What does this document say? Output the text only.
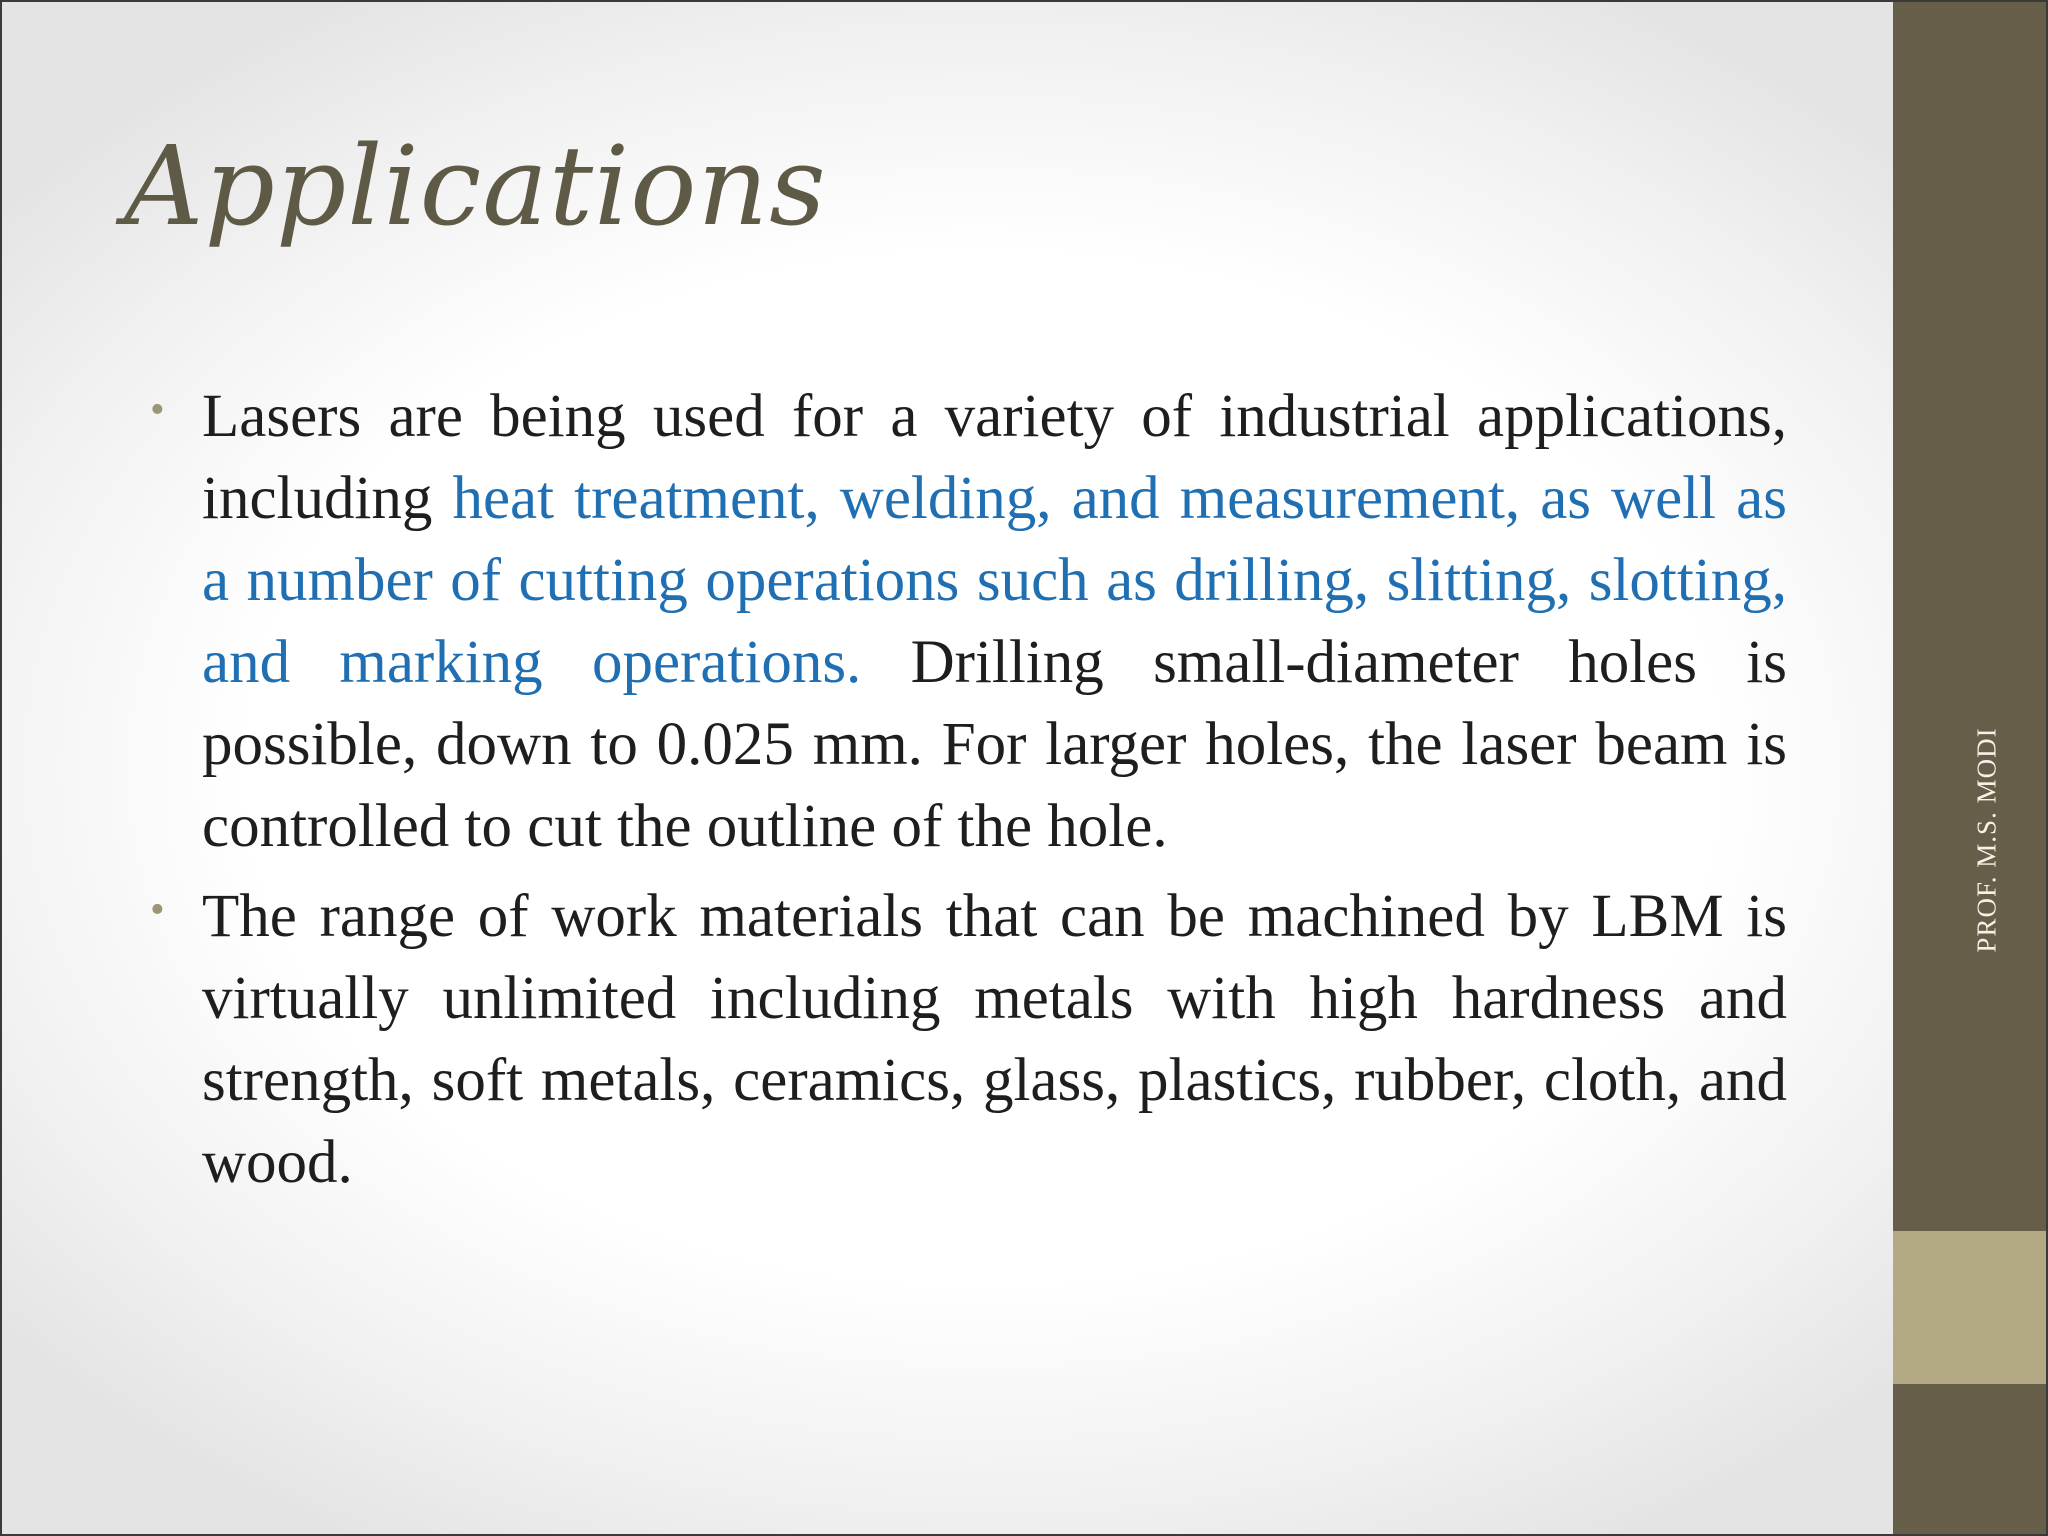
Applications
• Lasers are being used for a variety of industrial applications, including heat treatment, welding, and measurement, as well as a number of cutting operations such as drilling, slitting, slotting, and marking operations. Drilling small-diameter holes is possible, down to 0.025 mm. For larger holes, the laser beam is controlled to cut the outline of the hole.
• The range of work materials that can be machined by LBM is virtually unlimited including metals with high hardness and strength, soft metals, ceramics, glass, plastics, rubber, cloth, and wood.
PROF. M.S. MODI
